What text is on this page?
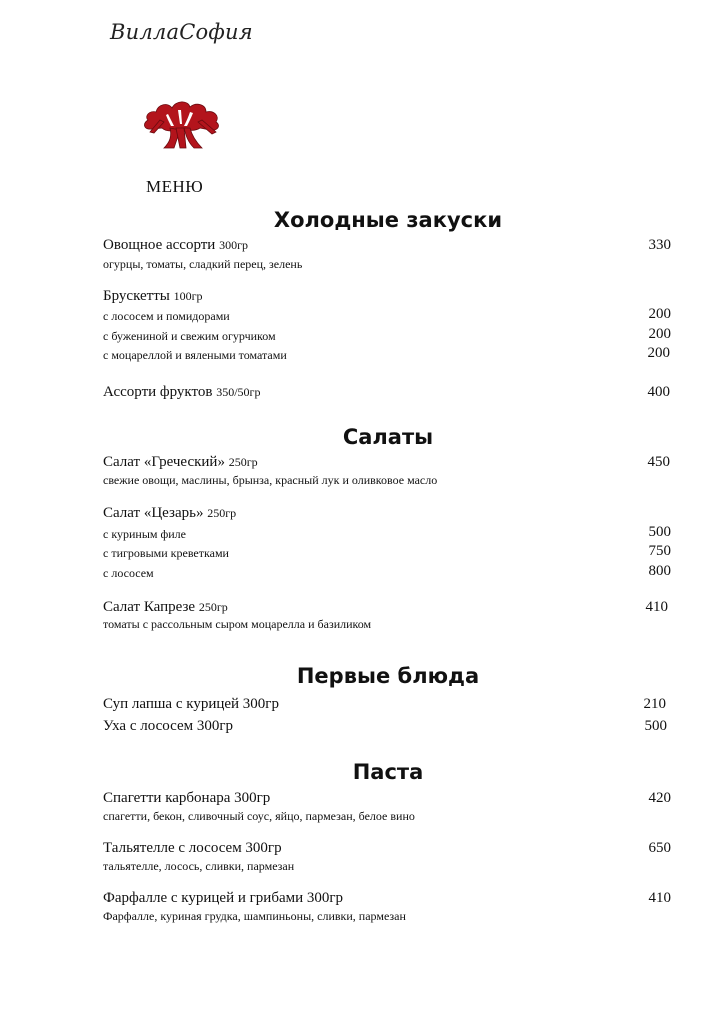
ВиллаСофия
МЕНЮ
Холодные закуски
Овощное ассорти 300гр	330
огурцы, томаты, сладкий перец, зелень
Брускетты 100гр
с лососем и помидорами	200
с бужениной и свежим огурчиком	200
с моцареллой и вялеными томатами	200
Ассорти фруктов 350/50гр	400
Салаты
Салат «Греческий» 250гр	450
свежие овощи, маслины, брынза, красный лук и оливковое масло
Салат «Цезарь» 250гр
с куриным филе	500
с тигровыми креветками	750
с лососем	800
Салат Капрезе 250гр	410
томаты с рассольным сыром моцарелла и базиликом
Первые блюда
Суп лапша с курицей 300гр	210
Уха с лососем 300гр	500
Паста
Спагетти карбонара 300гр	420
спагетти, бекон, сливочный соус, яйцо, пармезан, белое вино
Тальятелле с лососем 300гр	650
тальятелле, лосось, сливки, пармезан
Фарфалле с курицей и грибами 300гр	410
Фарфалле, куриная грудка, шампиньоны, сливки, пармезан
